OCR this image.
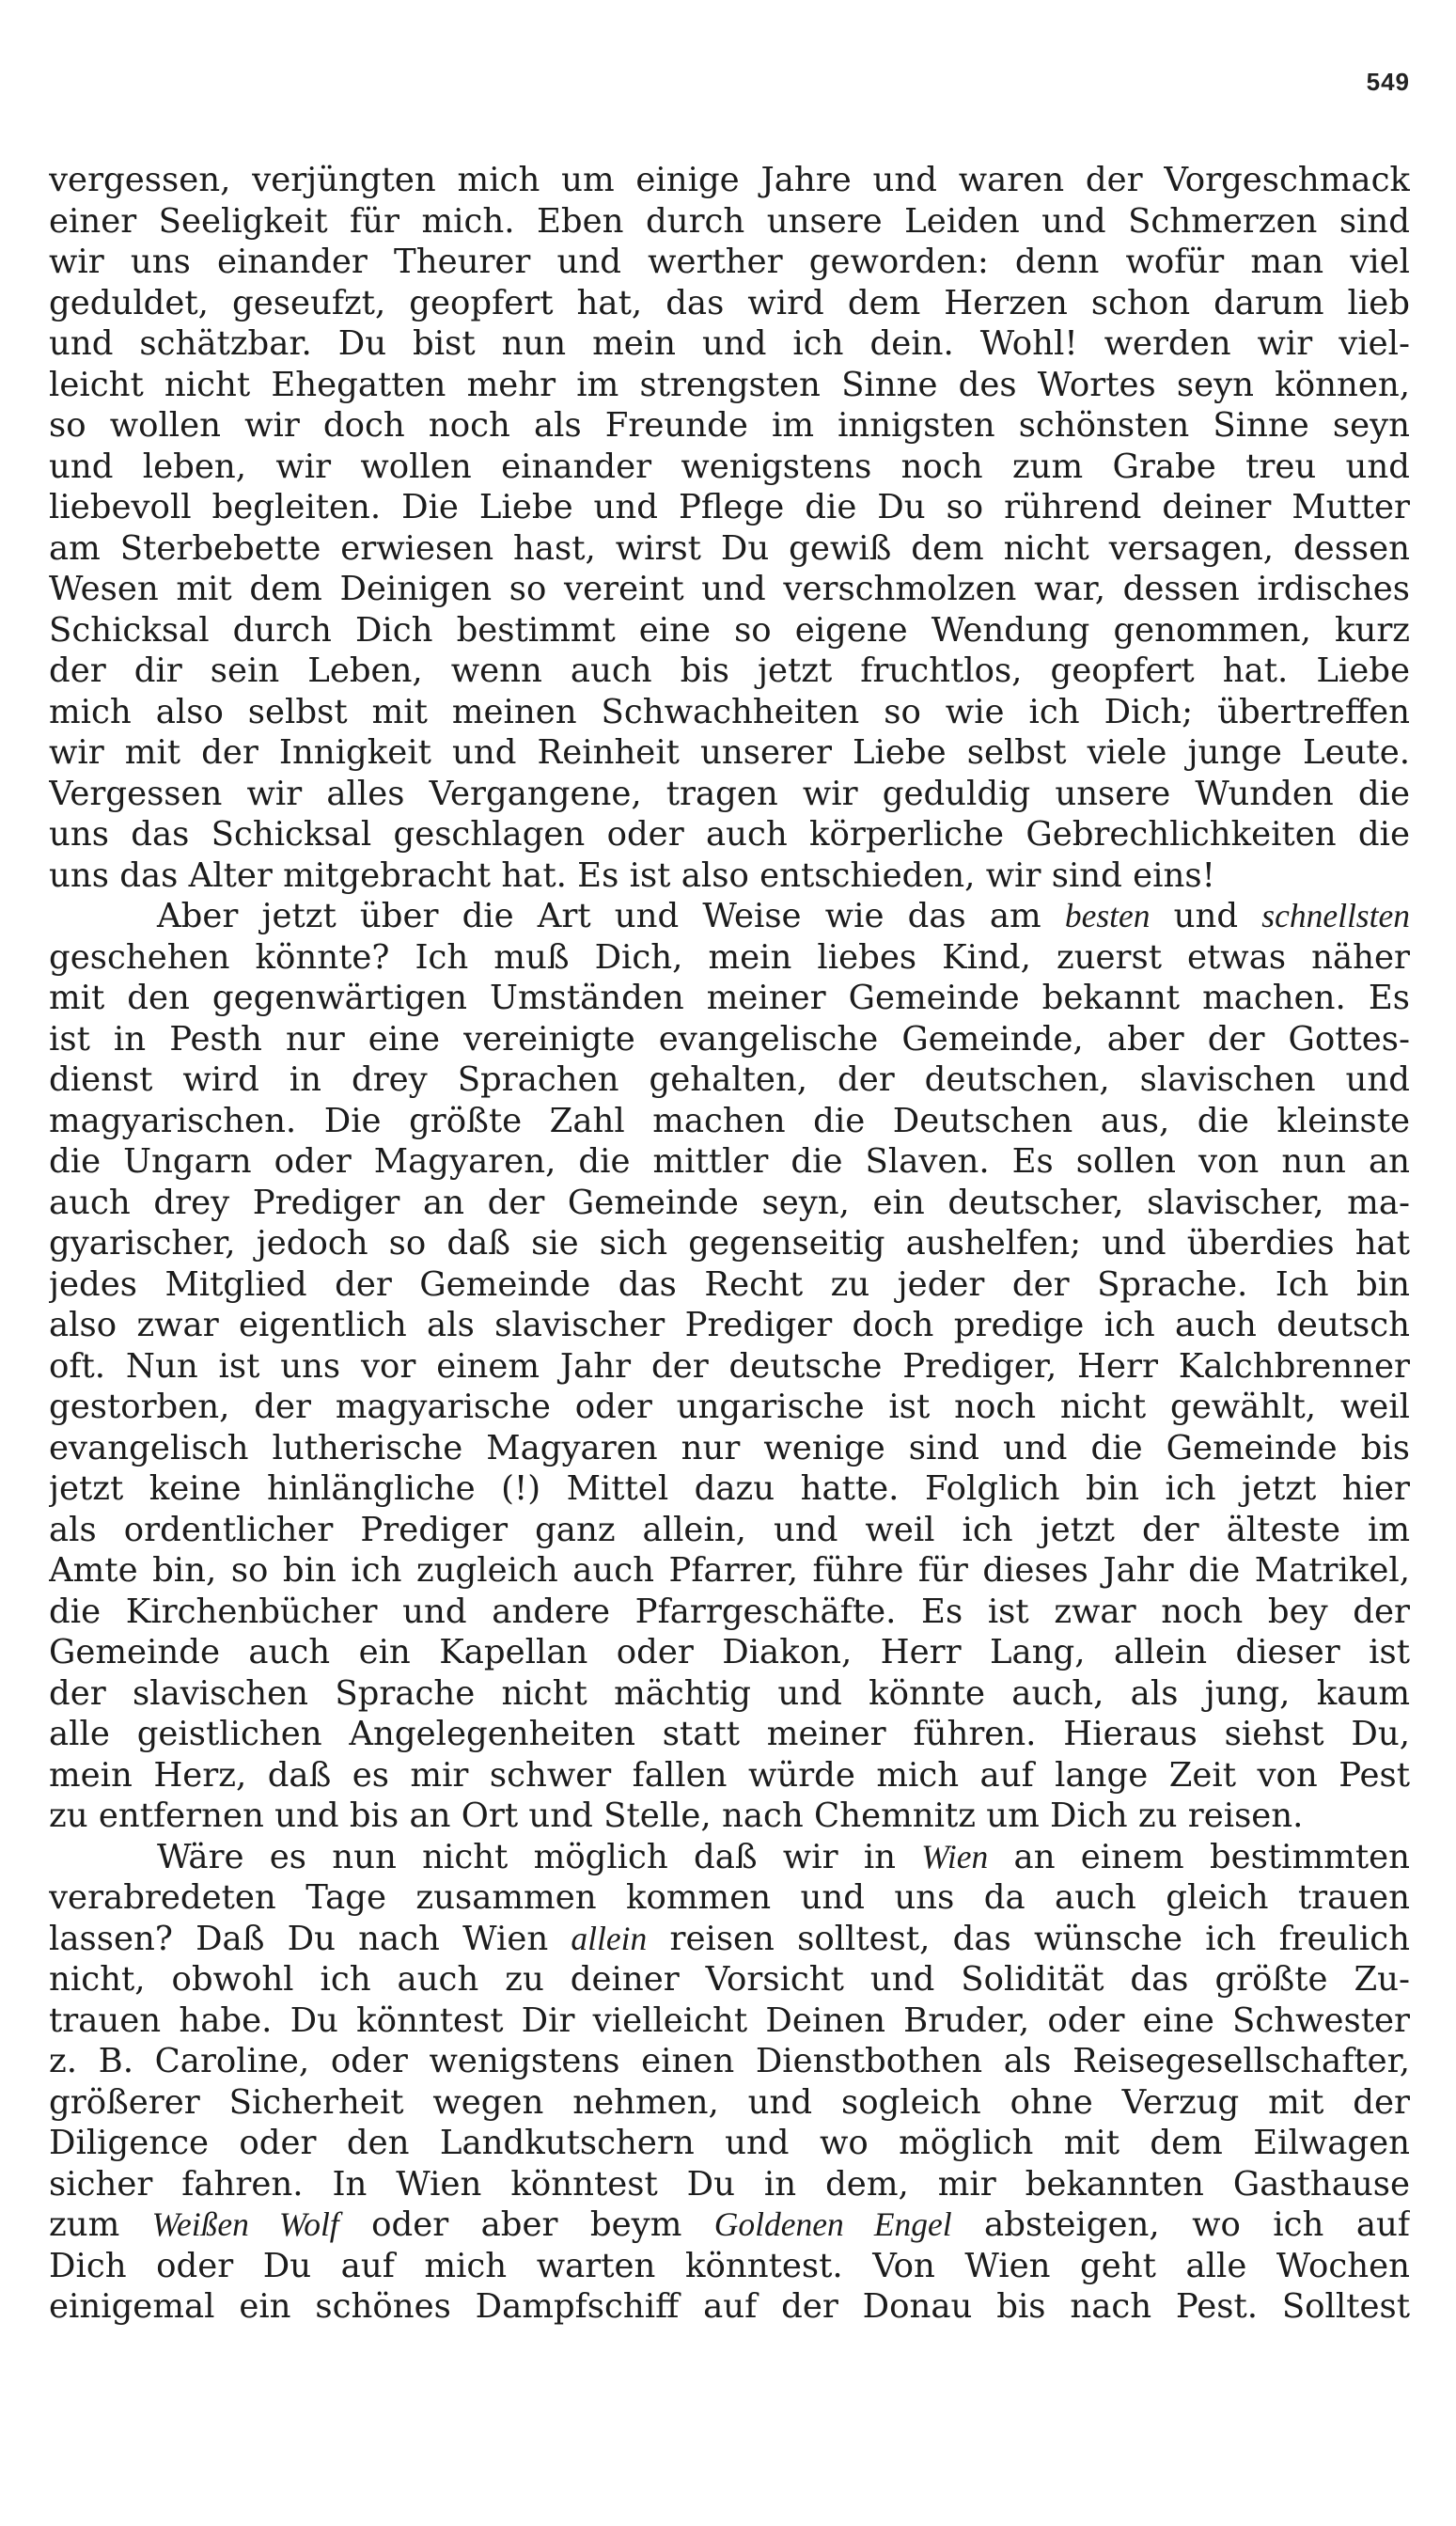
549
vergessen, verjüngten mich um einige Jahre und waren der Vorgeschmack
einer Seeligkeit für mich. Eben durch unsere Leiden und Schmerzen sind
wir uns einander Theurer und werther geworden: denn wofür man viel
geduldet, geseufzt, geopfert hat, das wird dem Herzen schon darum lieb
und schätzbar. Du bist nun mein und ich dein. Wohl! werden wir viel-
leicht nicht Ehegatten mehr im strengsten Sinne des Wortes seyn können,
so wollen wir doch noch als Freunde im innigsten schönsten Sinne seyn
und leben, wir wollen einander wenigstens noch zum Grabe treu und
liebevoll begleiten. Die Liebe und Pflege die Du so rührend deiner Mutter
am Sterbebette erwiesen hast, wirst Du gewiß dem nicht versagen, dessen
Wesen mit dem Deinigen so vereint und verschmolzen war, dessen irdisches
Schicksal durch Dich bestimmt eine so eigene Wendung genommen, kurz
der dir sein Leben, wenn auch bis jetzt fruchtlos, geopfert hat. Liebe
mich also selbst mit meinen Schwachheiten so wie ich Dich; übertreffen
wir mit der Innigkeit und Reinheit unserer Liebe selbst viele junge Leute.
Vergessen wir alles Vergangene, tragen wir geduldig unsere Wunden die
uns das Schicksal geschlagen oder auch körperliche Gebrechlichkeiten die
uns das Alter mitgebracht hat. Es ist also entschieden, wir sind eins!
Aber jetzt über die Art und Weise wie das am besten und schnellsten
geschehen könnte? Ich muß Dich, mein liebes Kind, zuerst etwas näher
mit den gegenwärtigen Umständen meiner Gemeinde bekannt machen. Es
ist in Pesth nur eine vereinigte evangelische Gemeinde, aber der Gottes-
dienst wird in drey Sprachen gehalten, der deutschen, slavischen und
magyarischen. Die größte Zahl machen die Deutschen aus, die kleinste
die Ungarn oder Magyaren, die mittler die Slaven. Es sollen von nun an
auch drey Prediger an der Gemeinde seyn, ein deutscher, slavischer, ma-
gyarischer, jedoch so daß sie sich gegenseitig aushelfen; und überdies hat
jedes Mitglied der Gemeinde das Recht zu jeder der Sprache. Ich bin
also zwar eigentlich als slavischer Prediger doch predige ich auch deutsch
oft. Nun ist uns vor einem Jahr der deutsche Prediger, Herr Kalchbrenner
gestorben, der magyarische oder ungarische ist noch nicht gewählt, weil
evangelisch lutherische Magyaren nur wenige sind und die Gemeinde bis
jetzt keine hinlängliche (!) Mittel dazu hatte. Folglich bin ich jetzt hier
als ordentlicher Prediger ganz allein, und weil ich jetzt der älteste im
Amte bin, so bin ich zugleich auch Pfarrer, führe für dieses Jahr die Matrikel,
die Kirchenbücher und andere Pfarrgeschäfte. Es ist zwar noch bey der
Gemeinde auch ein Kapellan oder Diakon, Herr Lang, allein dieser ist
der slavischen Sprache nicht mächtig und könnte auch, als jung, kaum
alle geistlichen Angelegenheiten statt meiner führen. Hieraus siehst Du,
mein Herz, daß es mir schwer fallen würde mich auf lange Zeit von Pest
zu entfernen und bis an Ort und Stelle, nach Chemnitz um Dich zu reisen.
Wäre es nun nicht möglich daß wir in Wien an einem bestimmten
verabredeten Tage zusammen kommen und uns da auch gleich trauen
lassen? Daß Du nach Wien allein reisen solltest, das wünsche ich freulich
nicht, obwohl ich auch zu deiner Vorsicht und Solidität das größte Zu-
trauen habe. Du könntest Dir vielleicht Deinen Bruder, oder eine Schwester
z. B. Caroline, oder wenigstens einen Dienstbothen als Reisegesellschafter,
größerer Sicherheit wegen nehmen, und sogleich ohne Verzug mit der
Diligence oder den Landkutschern und wo möglich mit dem Eilwagen
sicher fahren. In Wien könntest Du in dem, mir bekannten Gasthause
zum Weißen Wolf oder aber beym Goldenen Engel absteigen, wo ich auf
Dich oder Du auf mich warten könntest. Von Wien geht alle Wochen
einigemal ein schönes Dampfschiff auf der Donau bis nach Pest. Solltest
